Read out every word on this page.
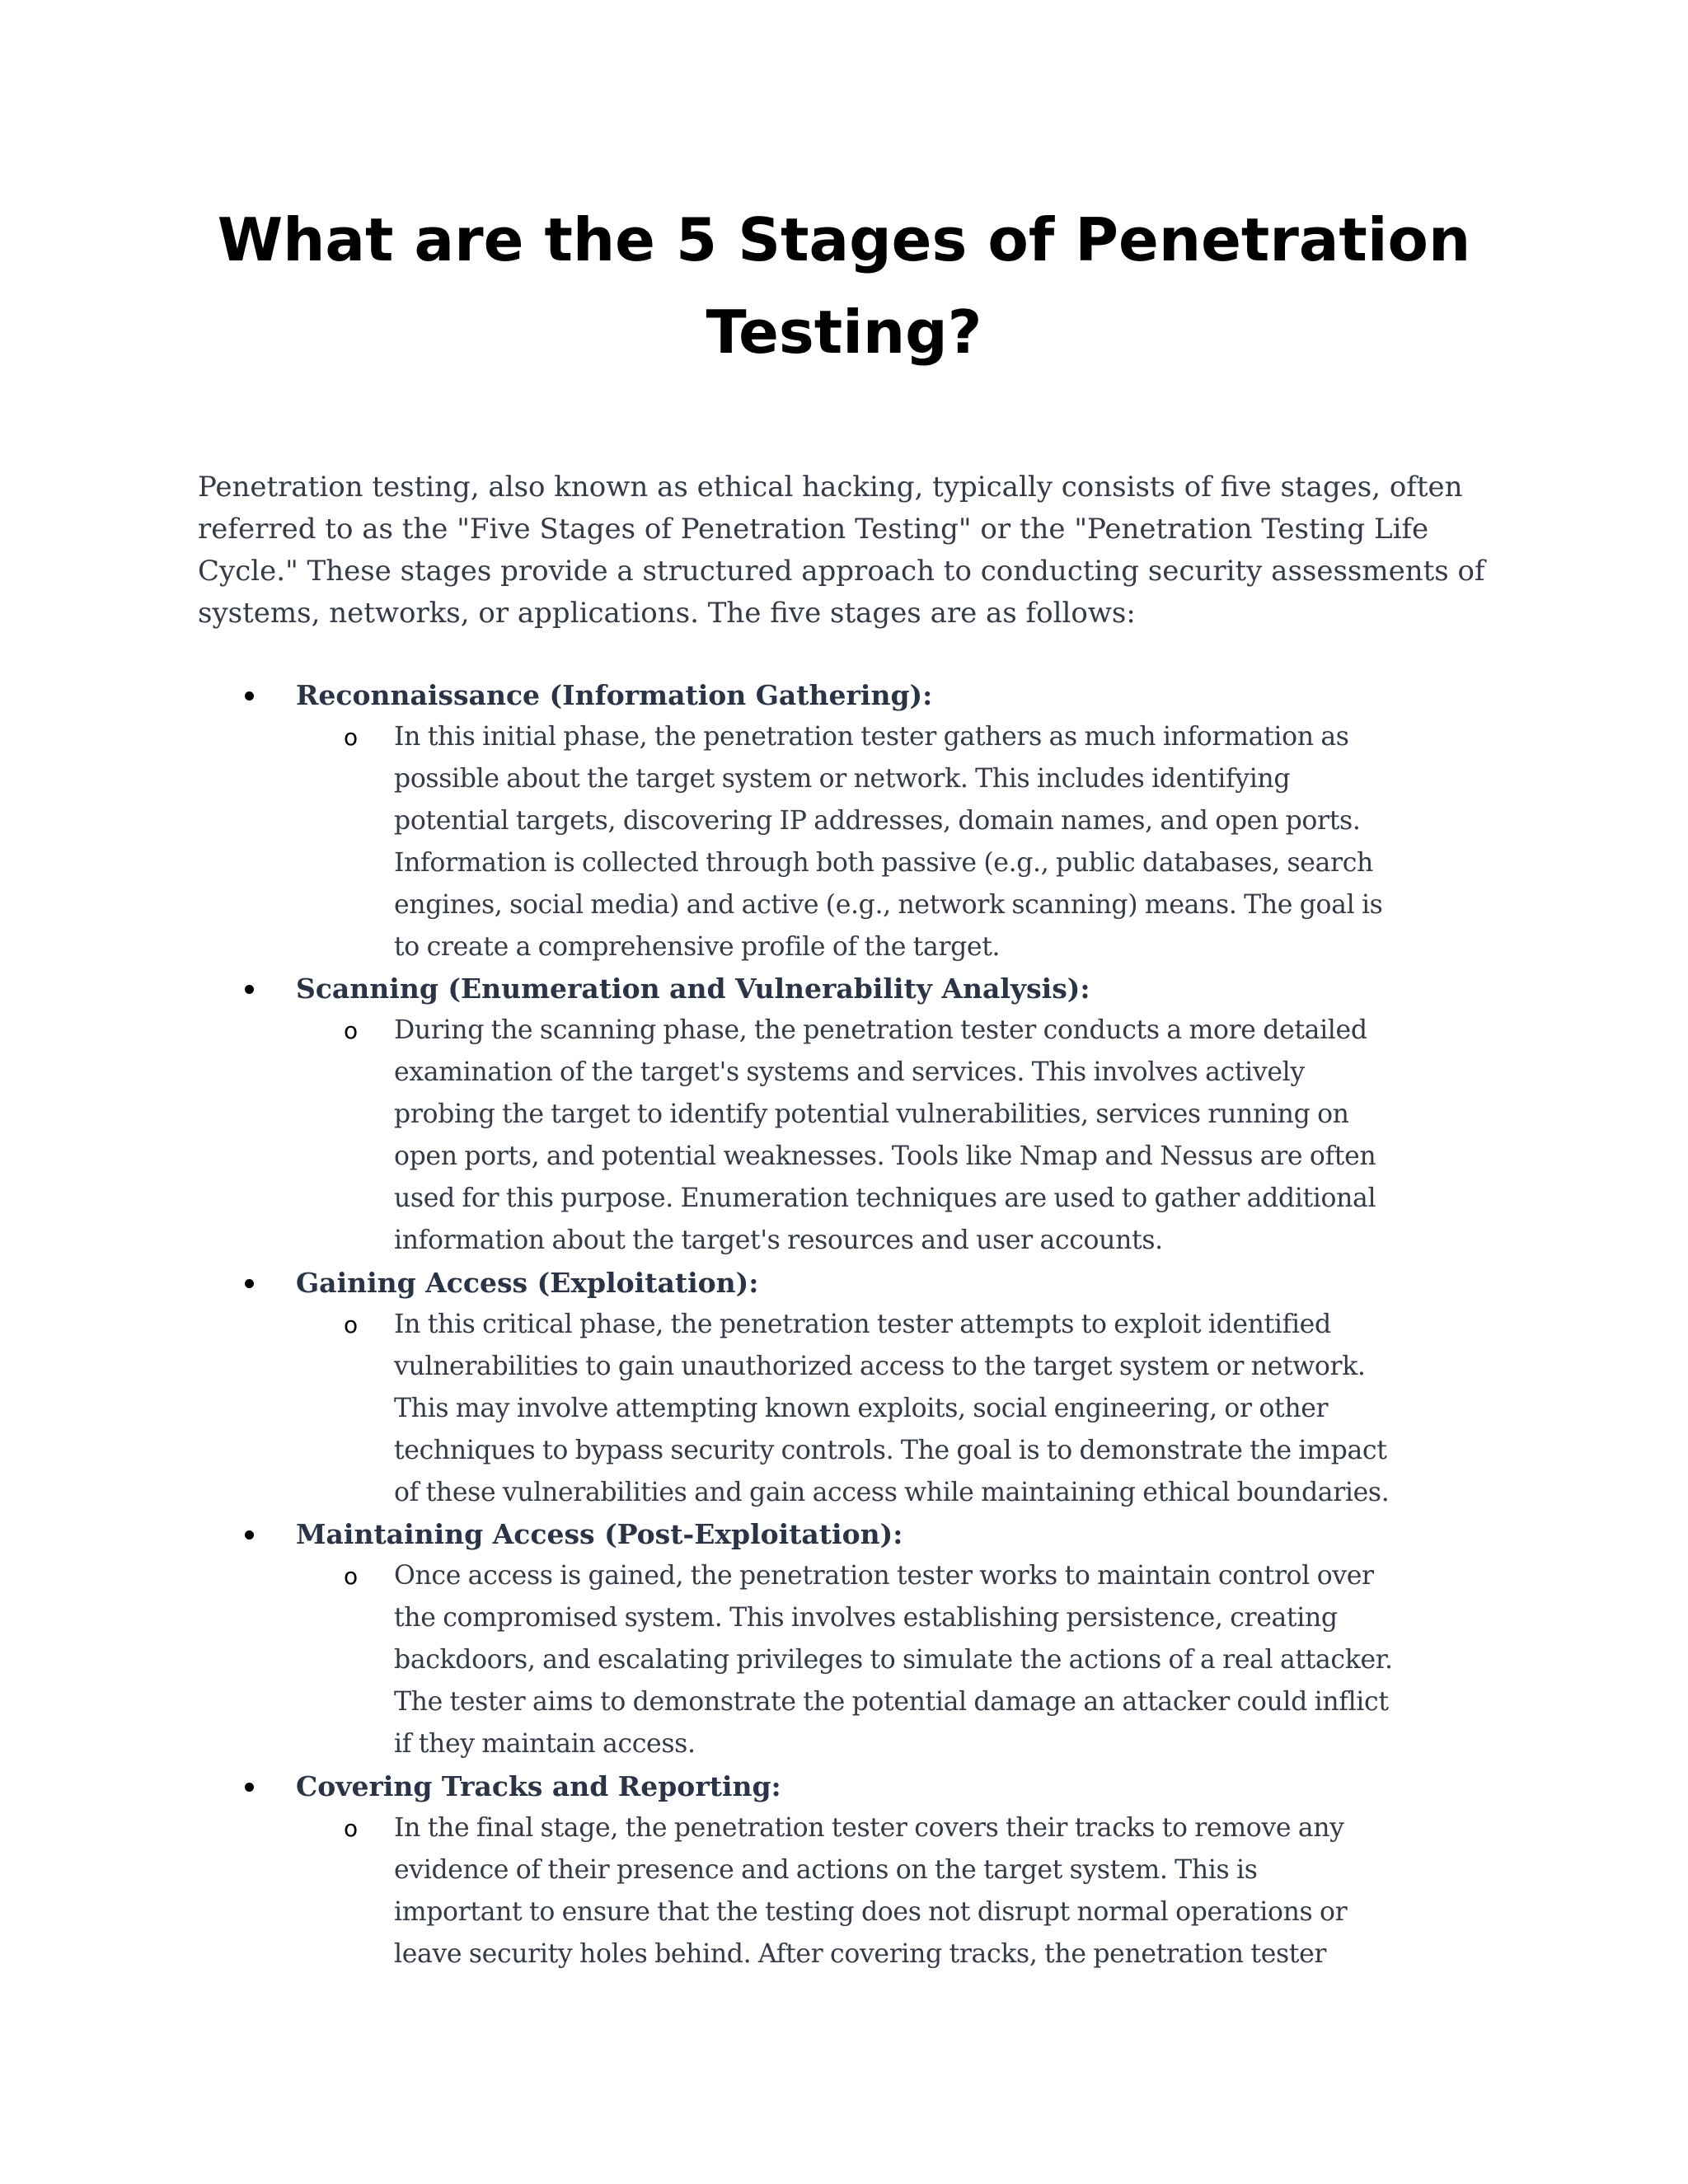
What are the 5 Stages of Penetration Testing?

Penetration testing, also known as ethical hacking, typically consists of five stages, often referred to as the "Five Stages of Penetration Testing" or the "Penetration Testing Life Cycle." These stages provide a structured approach to conducting security assessments of systems, networks, or applications. The five stages are as follows:

Reconnaissance (Information Gathering):
o In this initial phase, the penetration tester gathers as much information as
possible about the target system or network. This includes identifying
potential targets, discovering IP addresses, domain names, and open ports.
Information is collected through both passive (e.g., public databases, search
engines, social media) and active (e.g., network scanning) means. The goal is
to create a comprehensive profile of the target.

Scanning (Enumeration and Vulnerability Analysis):
o During the scanning phase, the penetration tester conducts a more detailed
examination of the target's systems and services. This involves actively
probing the target to identify potential vulnerabilities, services running on
open ports, and potential weaknesses. Tools like Nmap and Nessus are often
used for this purpose. Enumeration techniques are used to gather additional
information about the target's resources and user accounts.

Gaining Access (Exploitation):
o In this critical phase, the penetration tester attempts to exploit identified
vulnerabilities to gain unauthorized access to the target system or network.
This may involve attempting known exploits, social engineering, or other
techniques to bypass security controls. The goal is to demonstrate the impact
of these vulnerabilities and gain access while maintaining ethical boundaries.

Maintaining Access (Post-Exploitation):
o Once access is gained, the penetration tester works to maintain control over
the compromised system. This involves establishing persistence, creating
backdoors, and escalating privileges to simulate the actions of a real attacker.
The tester aims to demonstrate the potential damage an attacker could inflict
if they maintain access.

Covering Tracks and Reporting:
o In the final stage, the penetration tester covers their tracks to remove any
evidence of their presence and actions on the target system. This is
important to ensure that the testing does not disrupt normal operations or
leave security holes behind. After covering tracks, the penetration tester
